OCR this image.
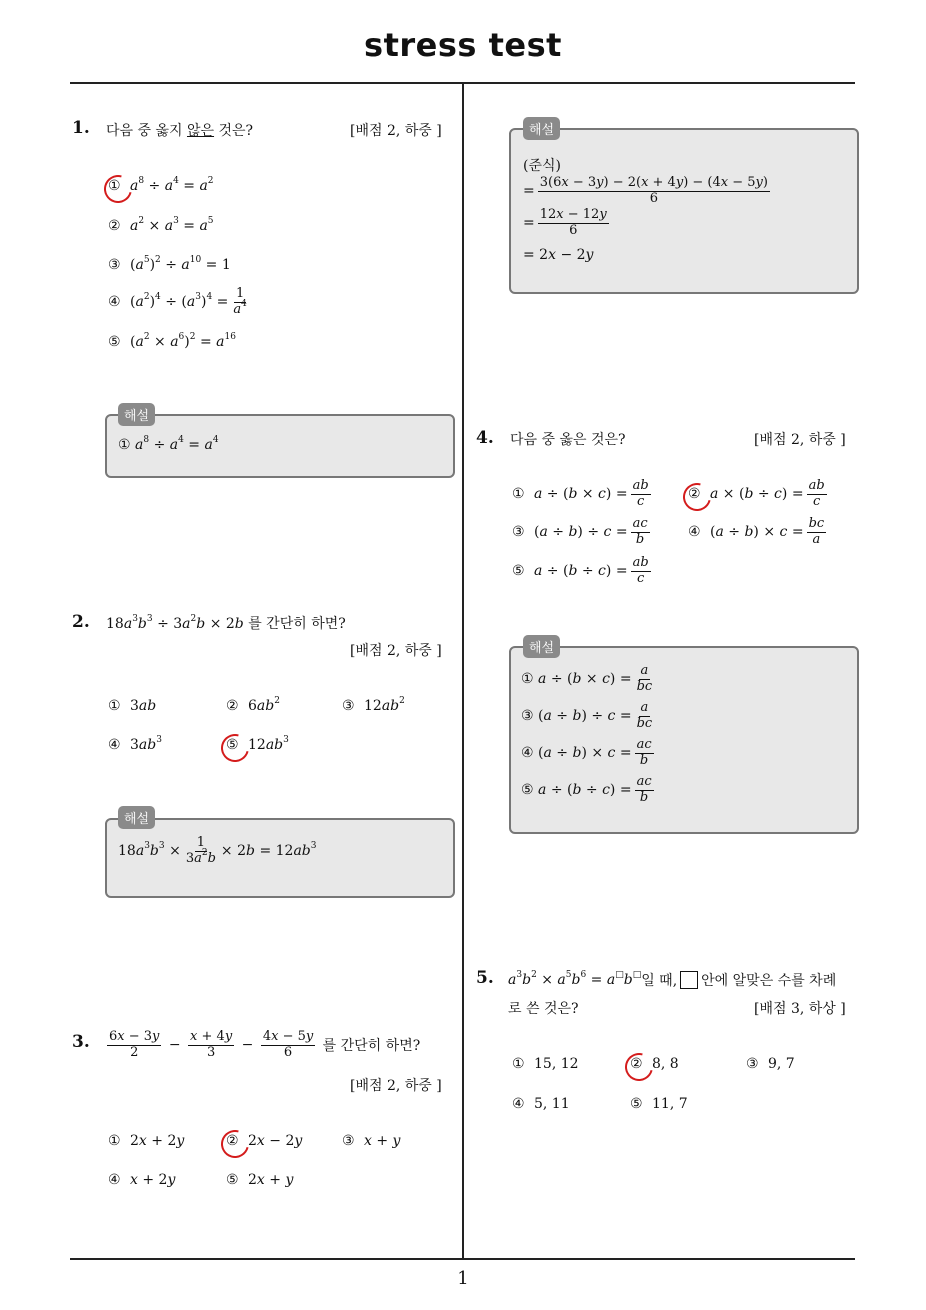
stress test
1
1. 다음 중 옳지 않은 것은?	[배점 2, 하중 ]
① $a^8 \div a^4 = a^2$
② $a^2 \times a^3 = a^5$
③ $(a^5)^2 \div a^{10} = 1$
④ $(a^2)^4 \div (a^3)^4 = \frac{1}{a^4}$
⑤ $(a^2 \times a^6)^2 = a^{16}$
해설
①
$a^8 \div a^4 = a^4$
2. $18a^3b^3 \div 3a^2b \times 2b$ 를 간단히 하면?
[배점 2, 하중 ]
① 3ab	② $6ab^2$	③ $12ab^2$
④ $3ab^3$	⑤ $12ab^3$
해설
$18a^3b^3 \times \frac{1}{3a^2b} \times 2b = 12ab^3$
3. $\frac{6x - 3y}{2} - \frac{x + 4y}{3} - \frac{4x - 5y}{6}$
를 간단히 하면?
[배점 2, 하중 ]
① 2x + 2y	② 2x − 2y	③ x + y
④ x + 2y	⑤ 2x + y
해설
(준식)
= $\frac{3(6x - 3y) - 2(x + 4y) - (4x - 5y)}{6}$
= $\frac{12x - 12y}{6}$
= 2x − 2y
4. 다음 중 옳은 것은?	[배점 2, 하중 ]
① $a \div (b \times c) = \frac{ab}{c}$	② $a \times (b \div c) = \frac{ab}{c}$
③ $(a \div b) \div c = \frac{ac}{b}$	④ $(a \div b) \times c = \frac{bc}{a}$
⑤ $a \div (b \div c) = \frac{ab}{c}$
해설
①
$a \div (b \times c) = \frac{a}{bc}$
③
$(a \div b) \div c = \frac{a}{bc}$
④
$(a \div b) \times c = \frac{ac}{b}$
⑤
$a \div (b \div c) = \frac{ac}{b}$
5. $a^3b^2 \times a^5b^6 = a^□b^□$ 일 때, 안에 알맞은 수를 차례
로 쓴 것은?	[배점 3, 하상 ]
① 15, 12	② 8, 8	③ 9, 7
④ 5, 11	⑤ 11, 7
